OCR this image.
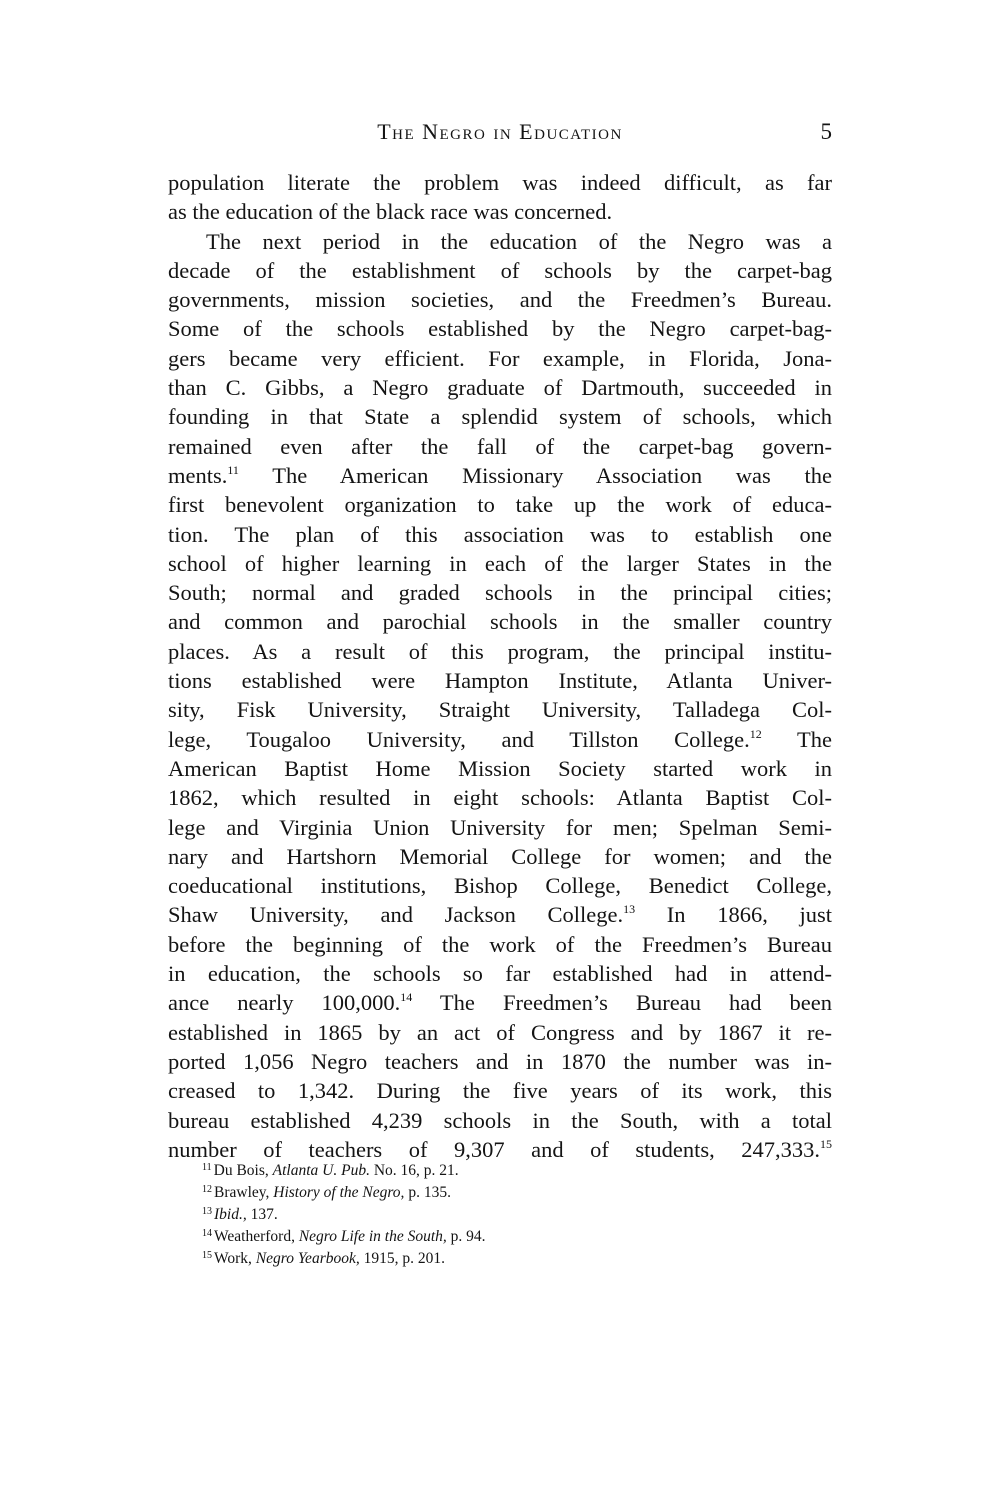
The Negro in Education	5
population literate the problem was indeed difficult, as far
as the education of the black race was concerned.
The next period in the education of the Negro was a
decade of the establishment of schools by the carpet-bag
governments, mission societies, and the Freedmen’s Bureau.
Some of the schools established by the Negro carpet-bag-
gers became very efficient. For example, in Florida, Jona-
than C. Gibbs, a Negro graduate of Dartmouth, succeeded in
founding in that State a splendid system of schools, which
remained even after the fall of the carpet-bag govern-
ments.$^{11}$ The American Missionary Association was the
first benevolent organization to take up the work of educa-
tion. The plan of this association was to establish one
school of higher learning in each of the larger States in the
South; normal and graded schools in the principal cities;
and common and parochial schools in the smaller country
places. As a result of this program, the principal institu-
tions established were Hampton Institute, Atlanta Univer-
sity, Fisk University, Straight University, Talladega Col-
lege, Tougaloo University, and Tillston College.$^{12}$ The
American Baptist Home Mission Society started work in
1862, which resulted in eight schools: Atlanta Baptist Col-
lege and Virginia Union University for men; Spelman Semi-
nary and Hartshorn Memorial College for women; and the
coeducational institutions, Bishop College, Benedict College,
Shaw University, and Jackson College.$^{13}$ In 1866, just
before the beginning of the work of the Freedmen’s Bureau
in education, the schools so far established had in attend-
ance nearly 100,000.14 The Freedmen’s Bureau had been
established in 1865 by an act of Congress and by 1867 it re-
ported 1,056 Negro teachers and in 1870 the number was in-
creased to 1,342. During the five years of its work, this
bureau established 4,239 schools in the South, with a total
number of teachers of 9,307 and of students, 247,333.15
$^{11}$ Du Bois, Atlanta U. Pub. No. 16, p. 21.
$^{12}$ Brawley, History of the Negro, p. 135.
$^{13}$ Ibid., 137.
$^{14}$ Weatherford, Negro Life in the South, p. 94.
$^{15}$ Work, Negro Yearbook, 1915, p. 201.
